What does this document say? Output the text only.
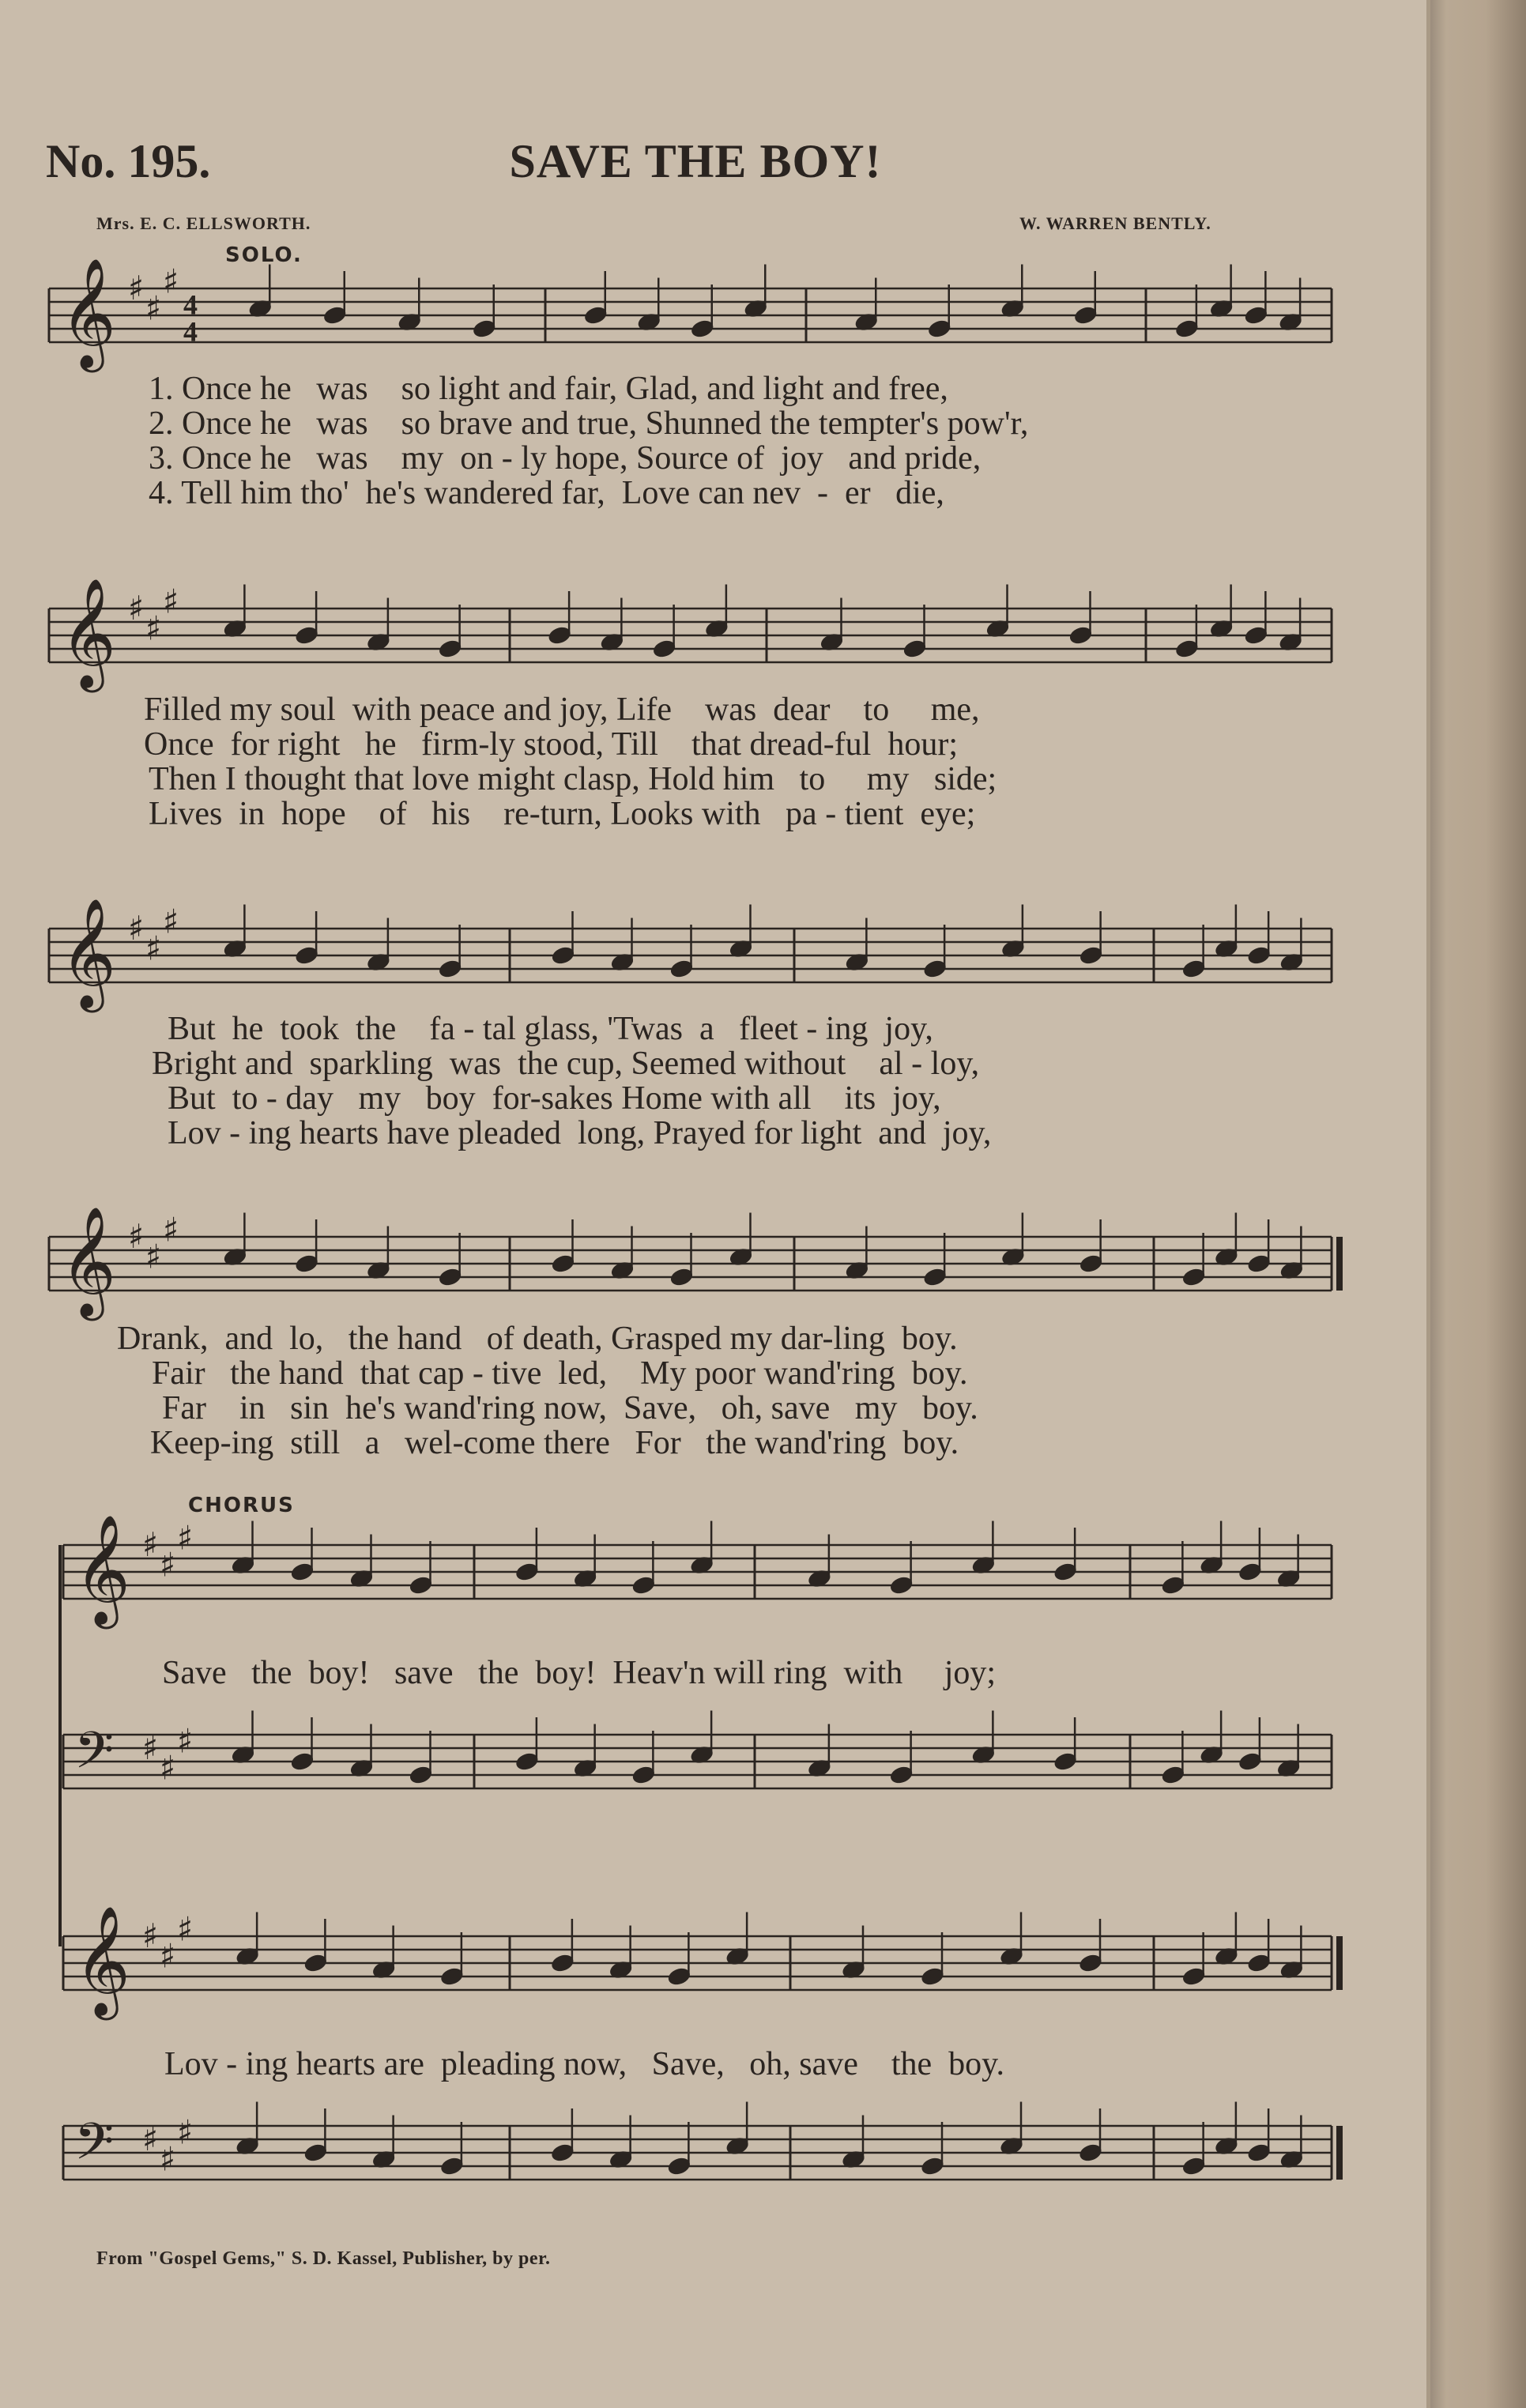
No. 195.	SAVE THE BOY!
Mrs. E. C. ELLSWORTH.	W. WARREN BENTLY.
SOLO.
𝄞 ♯
♯
♯
4
4
1. Once he   was    so light and fair, Glad, and light and free,
2. Once he   was    so brave and true, Shunned the tempter's pow'r,
3. Once he   was    my  on - ly hope, Source of  joy   and pride,
4. Tell him tho'  he's wandered far,  Love can nev  -  er   die,
𝄞 ♯
♯
♯
Filled my soul  with peace and joy, Life    was  dear    to     me,
Once  for right   he   firm-ly stood, Till    that dread-ful  hour;
Then I thought that love might clasp, Hold him   to     my   side;
Lives  in  hope    of   his    re-turn, Looks with   pa - tient  eye;
𝄞 ♯
♯
♯
But  he  took  the    fa - tal glass, 'Twas  a   fleet - ing  joy,
Bright and  sparkling  was  the cup, Seemed without    al - loy,
But  to - day   my   boy  for-sakes Home with all    its  joy,
Lov - ing hearts have pleaded  long, Prayed for light  and  joy,
𝄞 ♯
♯
♯
Drank,  and  lo,   the hand   of death, Grasped my dar-ling  boy.
Fair   the hand  that cap - tive  led,    My poor wand'ring  boy.
Far    in   sin  he's wand'ring now,  Save,   oh, save   my   boy.
Keep-ing  still   a   wel-come there   For   the wand'ring  boy.
CHORUS
𝄞 ♯
♯
♯
Save   the  boy!   save   the  boy!  Heav'n will ring  with     joy;
𝄢 ♯
♯
♯
𝄞 ♯
♯
♯
Lov - ing hearts are  pleading now,   Save,   oh, save    the  boy.
𝄢 ♯
♯
♯
From "Gospel Gems," S. D. Kassel, Publisher, by per.
